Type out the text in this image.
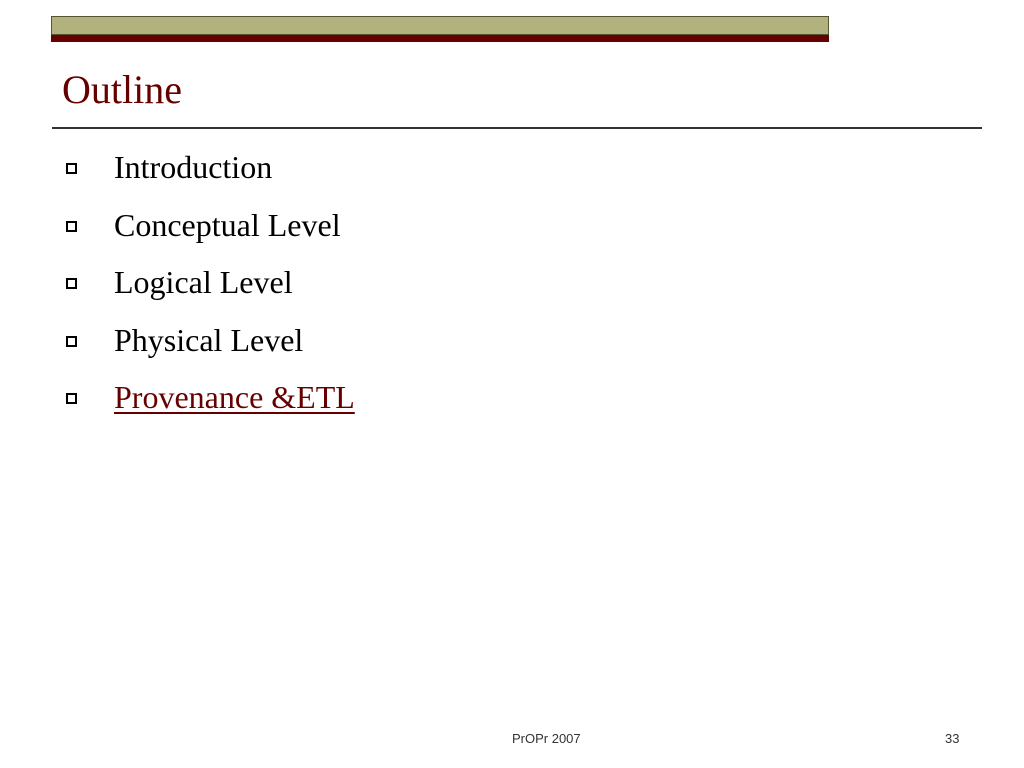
Outline
Introduction
Conceptual Level
Logical Level
Physical Level
Provenance &ETL
PrOPr 2007	33
